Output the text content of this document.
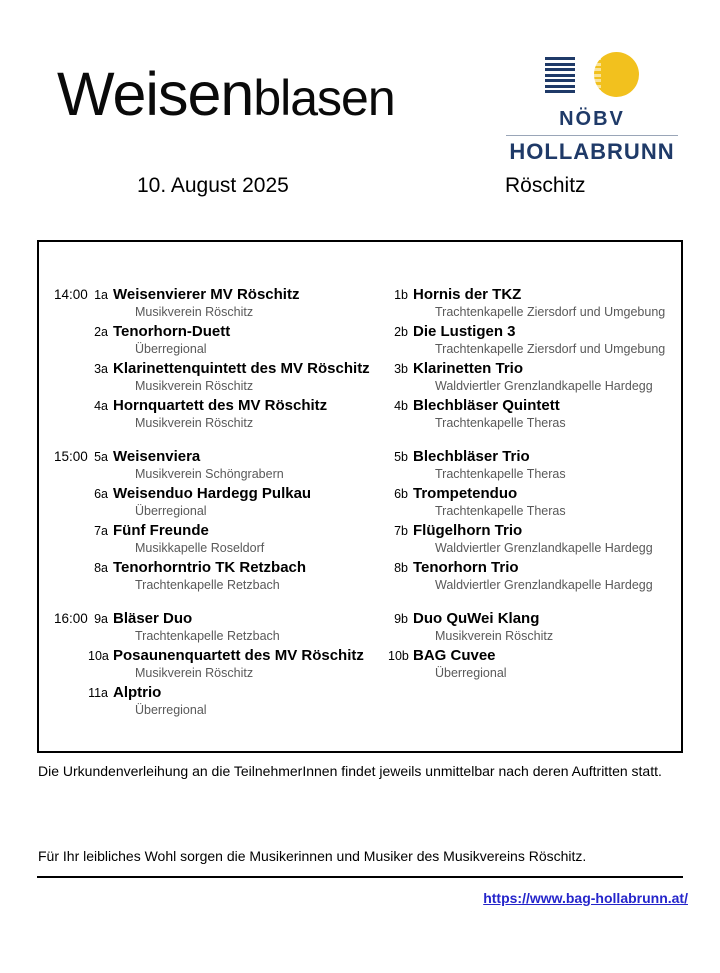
Weisenblasen	NÖBV
HOLLABRUNN
10. August 2025	Röschitz
14:00 1a Weisenvierer MV Röschitz
Musikverein Röschitz
1b Hornis der TKZ
Trachtenkapelle Ziersdorf und Umgebung
2a Tenorhorn-Duett
Überregional
2b Die Lustigen 3
Trachtenkapelle Ziersdorf und Umgebung
3a Klarinettenquintett des MV Röschitz
Musikverein Röschitz
3b Klarinetten Trio
Waldviertler Grenzlandkapelle Hardegg
4a Hornquartett des MV Röschitz
Musikverein Röschitz
4b Blechbläser Quintett
Trachtenkapelle Theras
15:00 5a Weisenviera
Musikverein Schöngrabern
5b Blechbläser Trio
Trachtenkapelle Theras
6a Weisenduo Hardegg Pulkau
Überregional
6b Trompetenduo
Trachtenkapelle Theras
7a Fünf Freunde
Musikkapelle Roseldorf
7b Flügelhorn Trio
Waldviertler Grenzlandkapelle Hardegg
8a Tenorhorntrio TK Retzbach
Trachtenkapelle Retzbach
8b Tenorhorn Trio
Waldviertler Grenzlandkapelle Hardegg
16:00 9a Bläser Duo
Trachtenkapelle Retzbach
9b Duo QuWei Klang
Musikverein Röschitz
10a Posaunenquartett des MV Röschitz
Musikverein Röschitz
10b BAG Cuvee
Überregional
11a Alptrio
Überregional
Die Urkundenverleihung an die TeilnehmerInnen findet jeweils unmittelbar nach deren Auftritten statt.
Für Ihr leibliches Wohl sorgen die Musikerinnen und Musiker des Musikvereins Röschitz.
https://www.bag-hollabrunn.at/
